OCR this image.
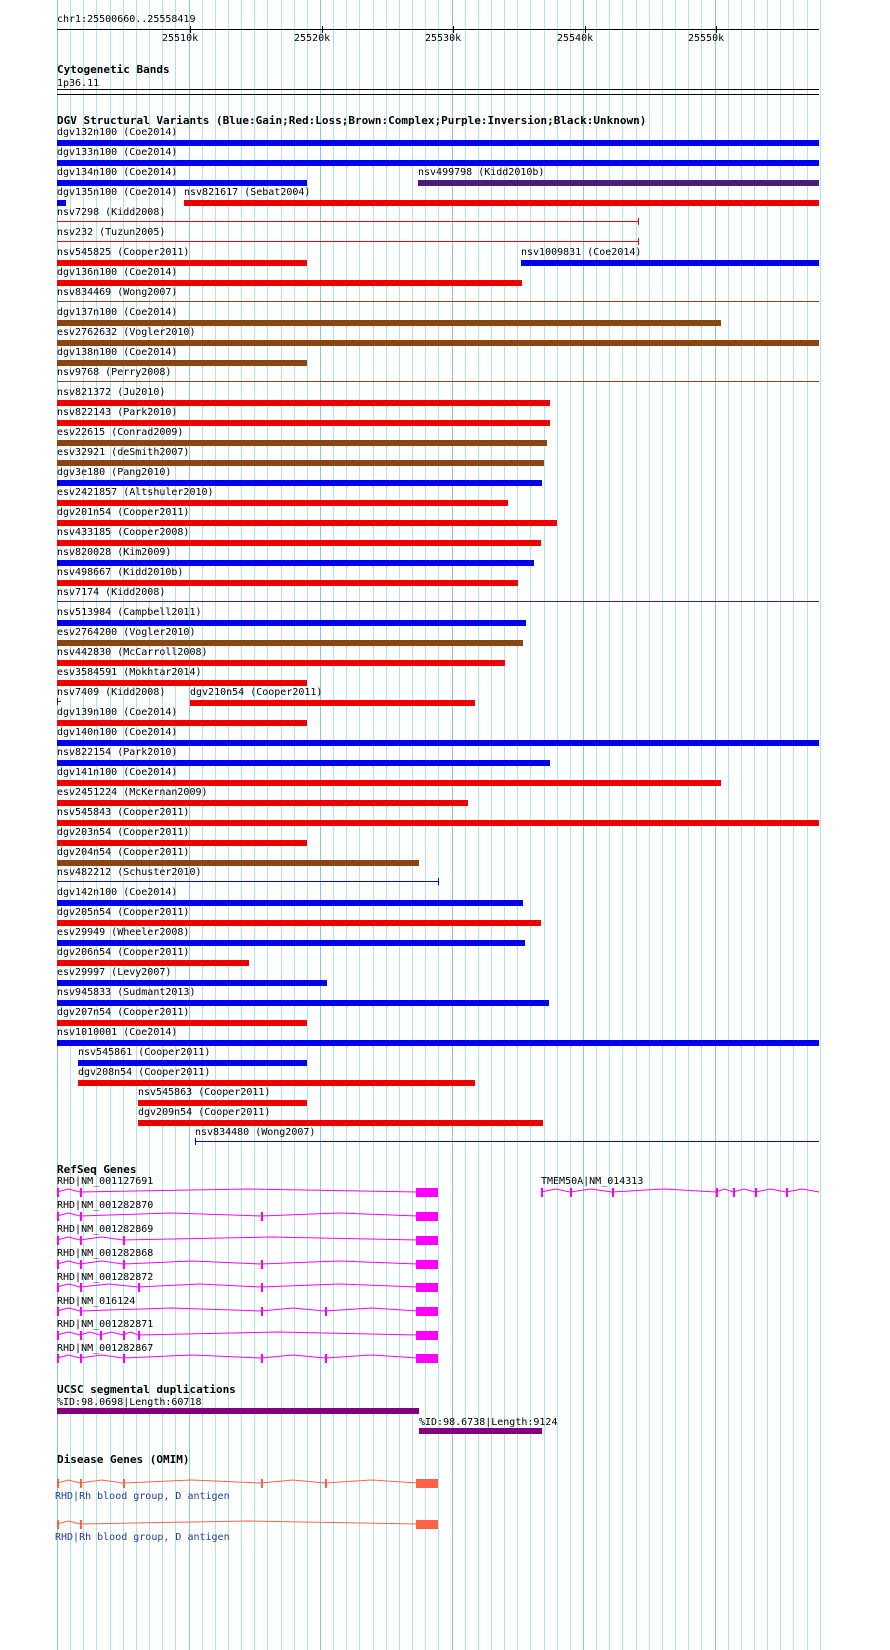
chr1:25500660..25558419
25510k	25520k	25530k	25540k	25550k
Cytogenetic Bands
1p36.11
DGV Structural Variants (Blue:Gain;Red:Loss;Brown:Complex;Purple:Inversion;Black:Unknown)
dgv132n100 (Coe2014)
dgv133n100 (Coe2014)
dgv134n100 (Coe2014)	nsv499798 (Kidd2010b)
dgv135n100 (Coe2014) nsv821617 (Sebat2004)
nsv7298 (Kidd2008)
nsv232 (Tuzun2005)
nsv545825 (Cooper2011)	nsv1009831 (Coe2014)
dgv136n100 (Coe2014)
nsv834469 (Wong2007)
dgv137n100 (Coe2014)
esv2762632 (Vogler2010)
dgv138n100 (Coe2014)
nsv9768 (Perry2008)
nsv821372 (Ju2010)
nsv822143 (Park2010)
esv22615 (Conrad2009)
esv32921 (deSmith2007)
dgv3e180 (Pang2010)
esv2421857 (Altshuler2010)
dgv201n54 (Cooper2011)
nsv433185 (Cooper2008)
nsv820028 (Kim2009)
nsv498667 (Kidd2010b)
nsv7174 (Kidd2008)
nsv513984 (Campbell2011)
esv2764200 (Vogler2010)
nsv442830 (McCarroll2008)
esv3584591 (Mokhtar2014)
nsv7409 (Kidd2008) dgv210n54 (Cooper2011)
dgv139n100 (Coe2014)
dgv140n100 (Coe2014)
nsv822154 (Park2010)
dgv141n100 (Coe2014)
esv2451224 (McKernan2009)
nsv545843 (Cooper2011)
dgv203n54 (Cooper2011)
dgv204n54 (Cooper2011)
nsv482212 (Schuster2010)
dgv142n100 (Coe2014)
dgv205n54 (Cooper2011)
esv29949 (Wheeler2008)
dgv206n54 (Cooper2011)
esv29997 (Levy2007)
nsv945833 (Sudmant2013)
dgv207n54 (Cooper2011)
nsv1010001 (Coe2014)
nsv545861 (Cooper2011)
dgv208n54 (Cooper2011)
nsv545863 (Cooper2011)
dgv209n54 (Cooper2011)
nsv834480 (Wong2007)
RefSeq Genes
RHD|NM_001127691	TMEM50A|NM_014313
RHD|NM_001282870
RHD|NM_001282869
RHD|NM_001282868
RHD|NM_001282872
RHD|NM_016124
RHD|NM_001282871
RHD|NM_001282867
UCSC segmental duplications
%ID:98.0698|Length:60718
%ID:98.6738|Length:9124
Disease Genes (OMIM)
RHD|Rh blood group, D antigen
RHD|Rh blood group, D antigen
